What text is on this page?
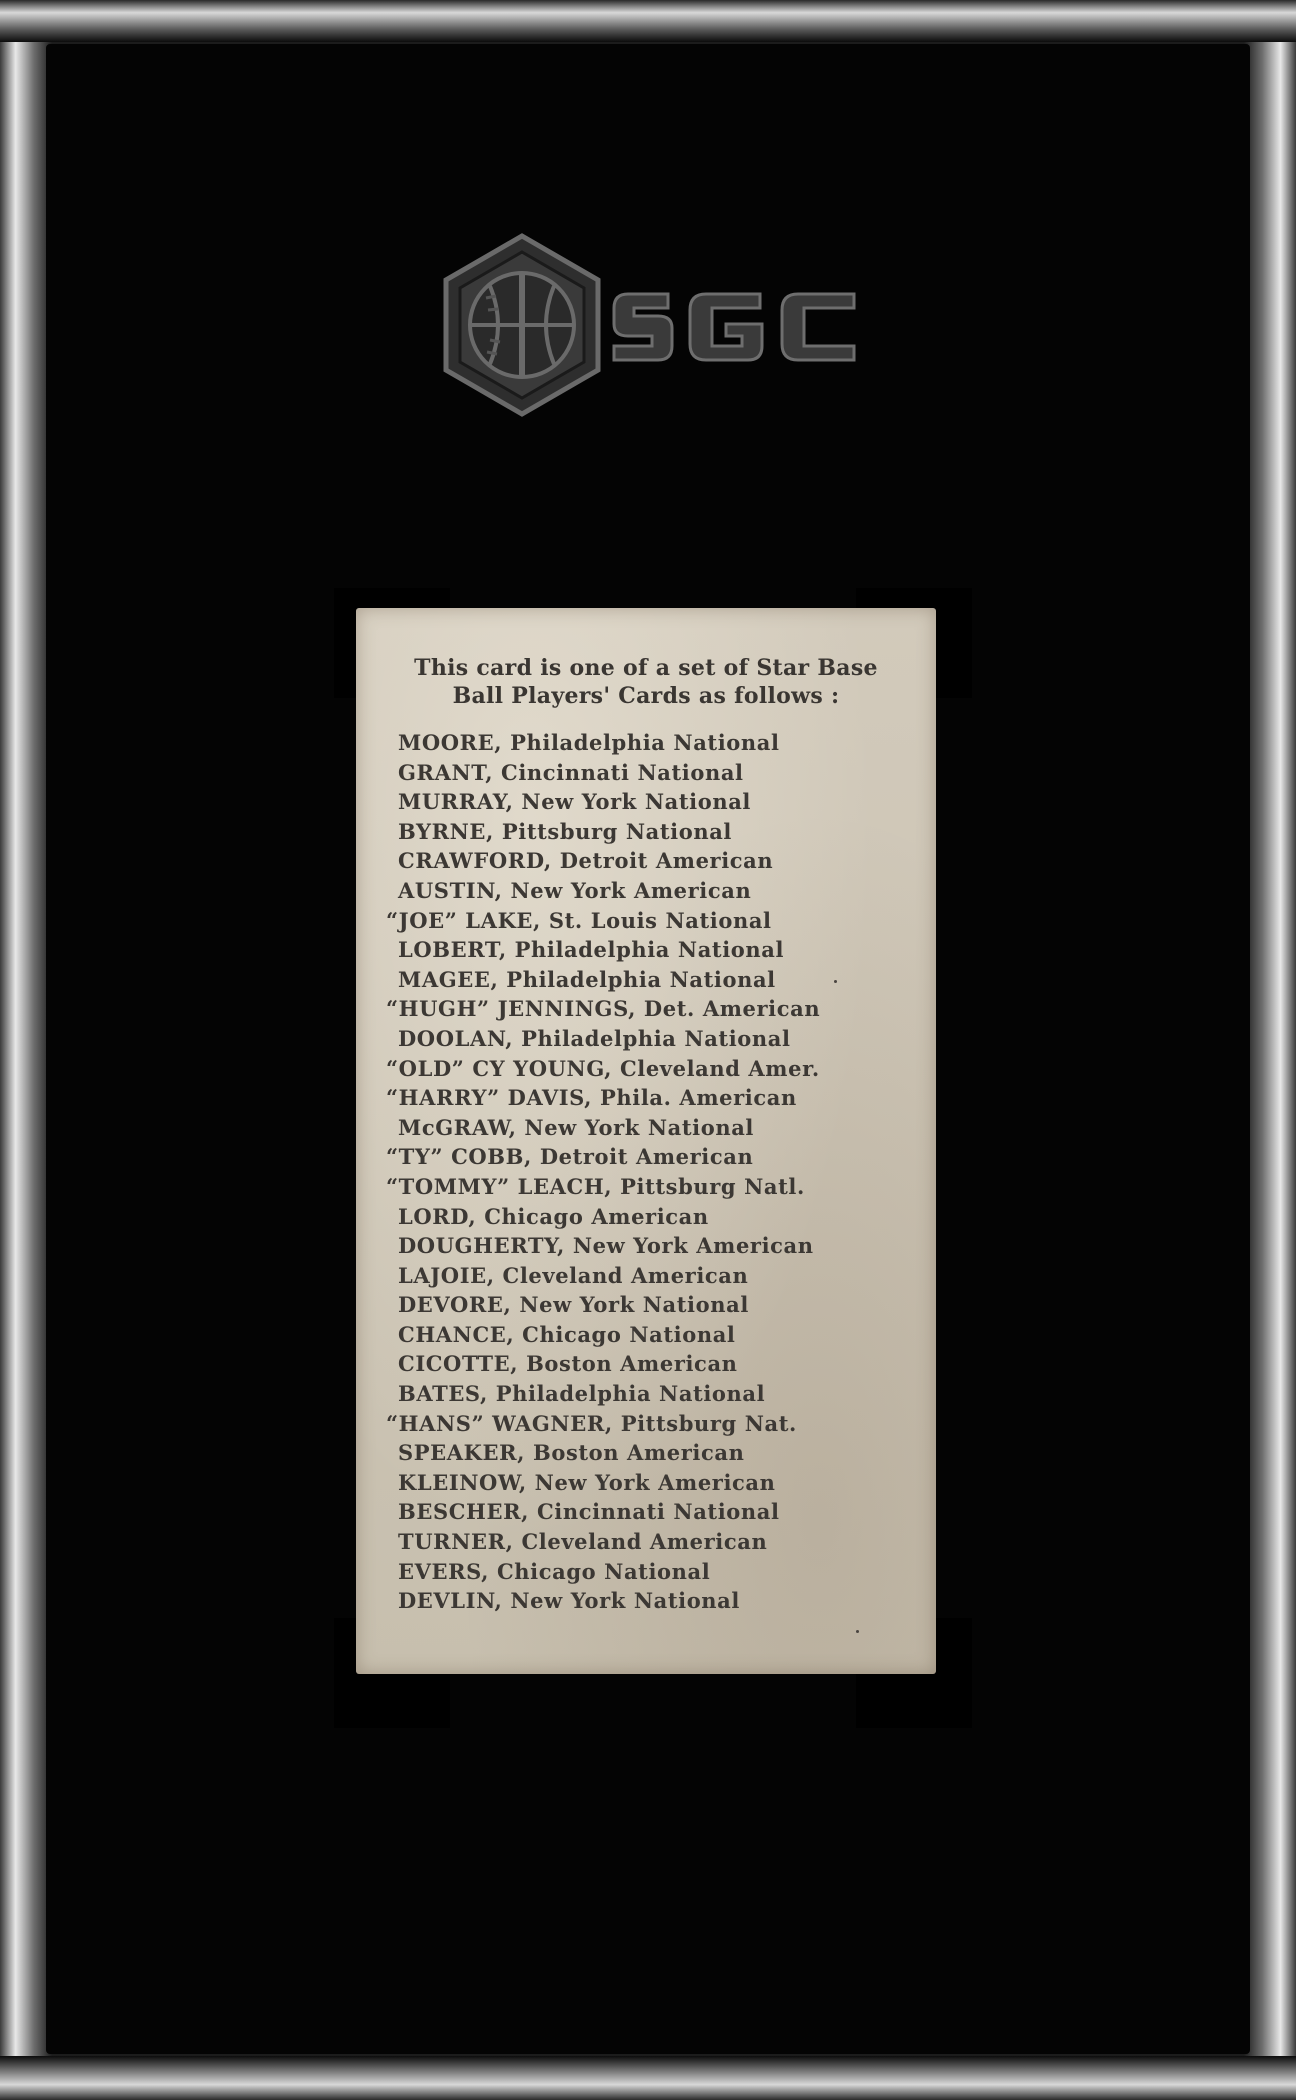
This card is one of a set of Star Base
Ball Players' Cards as follows :
MOORE, Philadelphia National
GRANT, Cincinnati National
MURRAY, New York National
BYRNE, Pittsburg National
CRAWFORD, Detroit American
AUSTIN, New York American
“JOE” LAKE, St. Louis National
LOBERT, Philadelphia National
MAGEE, Philadelphia National
“HUGH” JENNINGS, Det. American
DOOLAN, Philadelphia National
“OLD” CY YOUNG, Cleveland Amer.
“HARRY” DAVIS, Phila. American
McGRAW, New York National
“TY” COBB, Detroit American
“TOMMY” LEACH, Pittsburg Natl.
LORD, Chicago American
DOUGHERTY, New York American
LAJOIE, Cleveland American
DEVORE, New York National
CHANCE, Chicago National
CICOTTE, Boston American
BATES, Philadelphia National
“HANS” WAGNER, Pittsburg Nat.
SPEAKER, Boston American
KLEINOW, New York American
BESCHER, Cincinnati National
TURNER, Cleveland American
EVERS, Chicago National
DEVLIN, New York National
